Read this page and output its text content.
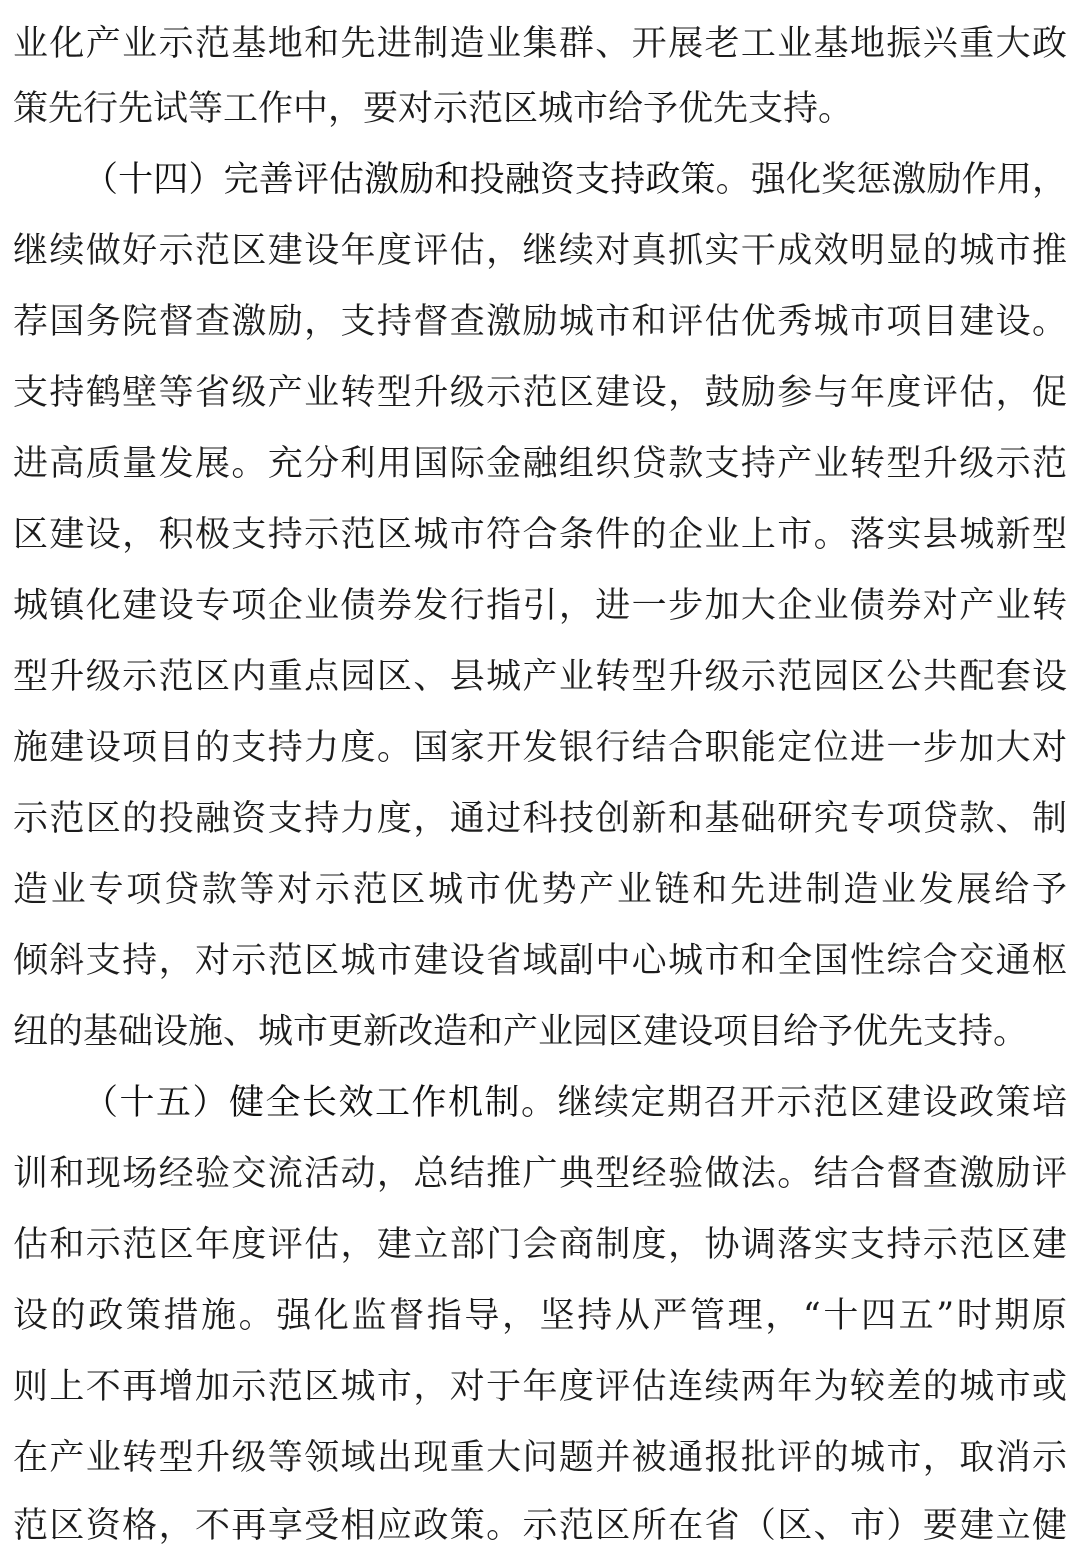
业化产业示范基地和先进制造业集群、开展老工业基地振兴重大政
策先行先试等工作中，要对示范区城市给予优先支持。
（十四）完善评估激励和投融资支持政策。强化奖惩激励作用，
继续做好示范区建设年度评估，继续对真抓实干成效明显的城市推
荐国务院督查激励，支持督查激励城市和评估优秀城市项目建设。
支持鹤壁等省级产业转型升级示范区建设，鼓励参与年度评估，促
进高质量发展。充分利用国际金融组织贷款支持产业转型升级示范
区建设，积极支持示范区城市符合条件的企业上市。落实县城新型
城镇化建设专项企业债券发行指引，进一步加大企业债券对产业转
型升级示范区内重点园区、县城产业转型升级示范园区公共配套设
施建设项目的支持力度。国家开发银行结合职能定位进一步加大对
示范区的投融资支持力度，通过科技创新和基础研究专项贷款、制
造业专项贷款等对示范区城市优势产业链和先进制造业发展给予
倾斜支持，对示范区城市建设省域副中心城市和全国性综合交通枢
纽的基础设施、城市更新改造和产业园区建设项目给予优先支持。
（十五）健全长效工作机制。继续定期召开示范区建设政策培
训和现场经验交流活动，总结推广典型经验做法。结合督查激励评
估和示范区年度评估，建立部门会商制度，协调落实支持示范区建
设的政策措施。强化监督指导，坚持从严管理，“十四五”时期原
则上不再增加示范区城市，对于年度评估连续两年为较差的城市或
在产业转型升级等领域出现重大问题并被通报批评的城市，取消示
范区资格，不再享受相应政策。示范区所在省（区、市）要建立健
